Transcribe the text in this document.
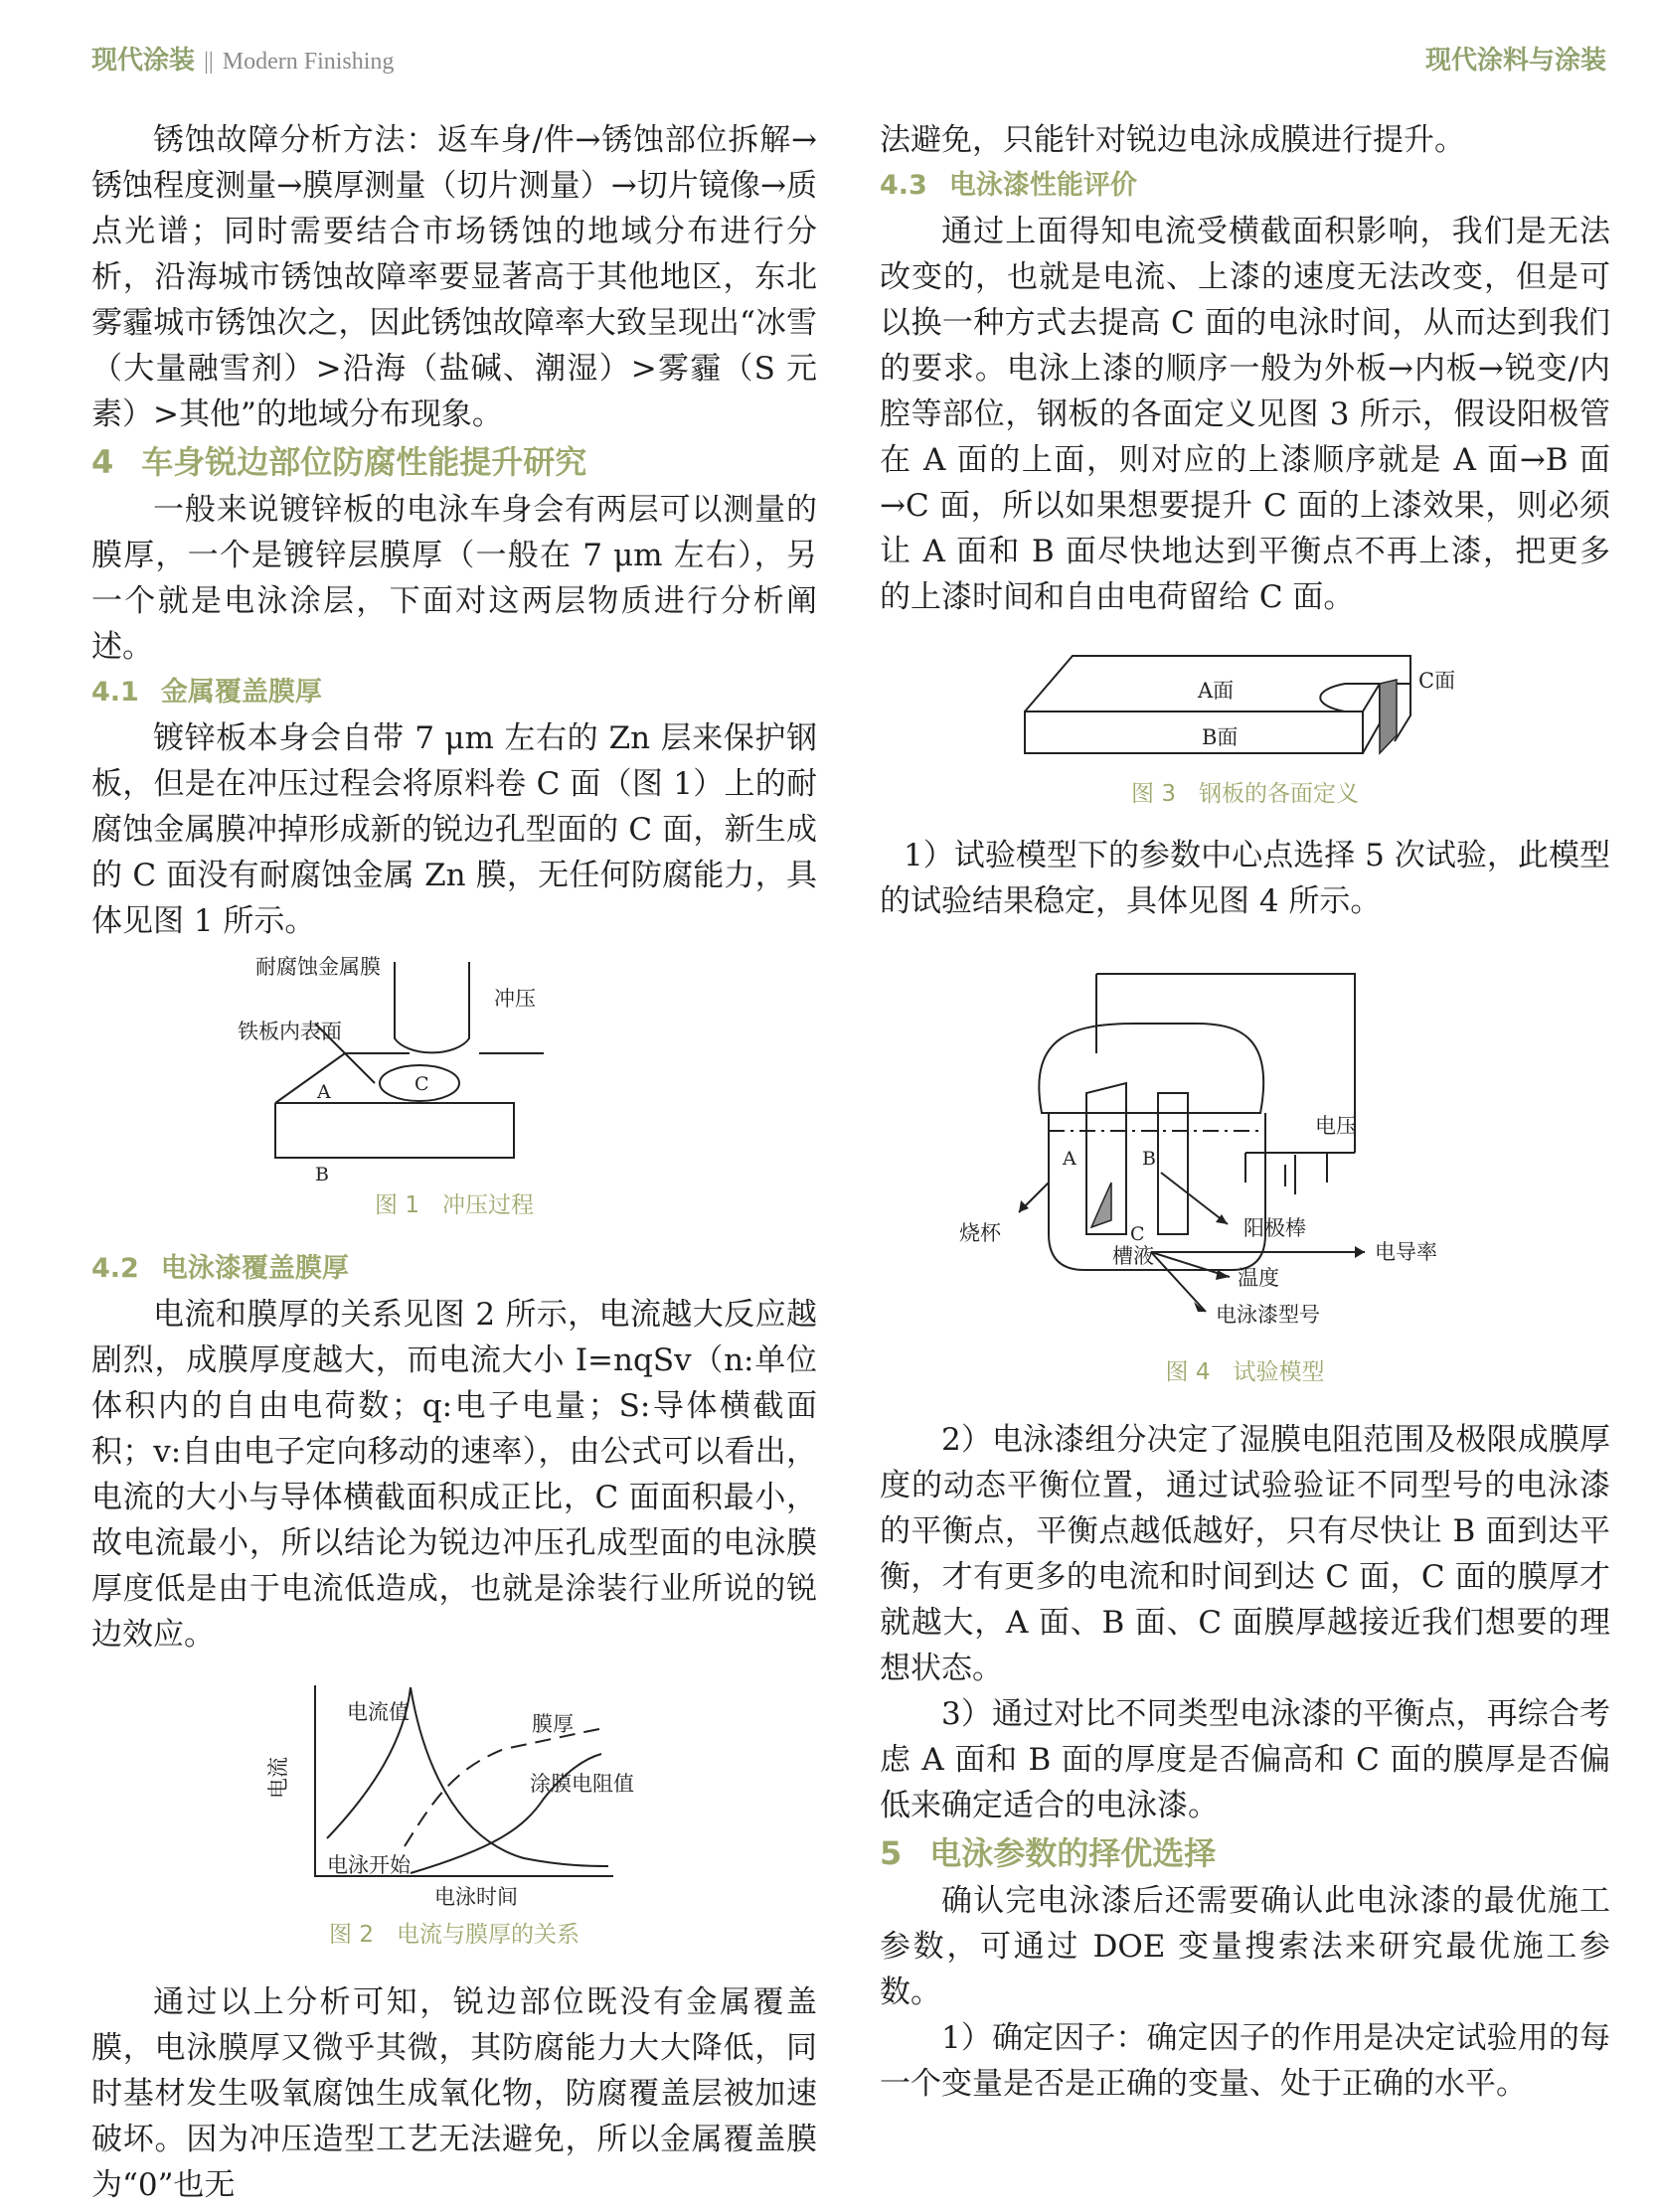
现代涂装 || Modern Finishing	现代涂料与涂装

锈蚀故障分析方法：返车身/件→锈蚀部位拆解→锈蚀程度测量→膜厚测量（切片测量）→切片镜像→质点光谱；同时需要结合市场锈蚀的地域分布进行分析，沿海城市锈蚀故障率要显著高于其他地区，东北雾霾城市锈蚀次之，因此锈蚀故障率大致呈现出“冰雪（大量融雪剂）>沿海（盐碱、潮湿）>雾霾（S 元素）>其他”的地域分布现象。

4 车身锐边部位防腐性能提升研究

一般来说镀锌板的电泳车身会有两层可以测量的膜厚，一个是镀锌层膜厚（一般在 7 μm 左右），另一个就是电泳涂层，下面对这两层物质进行分析阐述。

4.1 金属覆盖膜厚

镀锌板本身会自带 7 μm 左右的 Zn 层来保护钢板，但是在冲压过程会将原料卷 C 面（图 1）上的耐腐蚀金属膜冲掉形成新的锐边孔型面的 C 面，新生成的 C 面没有耐腐蚀金属 Zn 膜，无任何防腐能力，具体见图 1 所示。

耐腐蚀金属膜
铁板内表面
冲压
A	C
B
图 1　冲压过程
4.2 电泳漆覆盖膜厚

电流和膜厚的关系见图 2 所示，电流越大反应越剧烈，成膜厚度越大，而电流大小 I=nqSv（n:单位体积内的自由电荷数；q:电子电量；S:导体横截面积；v:自由电子定向移动的速率），由公式可以看出，电流的大小与导体横截面积成正比，C 面面积最小，故电流最小，所以结论为锐边冲压孔成型面的电泳膜厚度低是由于电流低造成，也就是涂装行业所说的锐边效应。

电流值	膜厚
涂膜电阻值
电泳开始
电泳时间
电流
图 2　电流与膜厚的关系

通过以上分析可知，锐边部位既没有金属覆盖膜，电泳膜厚又微乎其微，其防腐能力大大降低，同时基材发生吸氧腐蚀生成氧化物，防腐覆盖层被加速破坏。因为冲压造型工艺无法避免，所以金属覆盖膜为“0”也无

法避免，只能针对锐边电泳成膜进行提升。

4.3 电泳漆性能评价

通过上面得知电流受横截面积影响，我们是无法改变的，也就是电流、上漆的速度无法改变，但是可以换一种方式去提高 C 面的电泳时间，从而达到我们的要求。电泳上漆的顺序一般为外板→内板→锐变/内腔等部位，钢板的各面定义见图 3 所示，假设阳极管在 A 面的上面，则对应的上漆顺序就是 A 面→B 面→C 面，所以如果想要提升 C 面的上漆效果，则必须让 A 面和 B 面尽快地达到平衡点不再上漆，把更多的上漆时间和自由电荷留给 C 面。

A面
B面
C面
图 3　钢板的各面定义

1）试验模型下的参数中心点选择 5 次试验，此模型的试验结果稳定，具体见图 4 所示。

A	B
C
电压
烧杯	阳极棒
槽液	电导率
温度
电泳漆型号
图 4　试验模型

2）电泳漆组分决定了湿膜电阻范围及极限成膜厚度的动态平衡位置，通过试验验证不同型号的电泳漆的平衡点，平衡点越低越好，只有尽快让 B 面到达平衡，才有更多的电流和时间到达 C 面，C 面的膜厚才就越大，A 面、B 面、C 面膜厚越接近我们想要的理想状态。

3）通过对比不同类型电泳漆的平衡点，再综合考虑 A 面和 B 面的厚度是否偏高和 C 面的膜厚是否偏低来确定适合的电泳漆。

5 电泳参数的择优选择

确认完电泳漆后还需要确认此电泳漆的最优施工参数，可通过 DOE 变量搜索法来研究最优施工参数。

1）确定因子：确定因子的作用是决定试验用的每一个变量是否是正确的变量、处于正确的水平。
